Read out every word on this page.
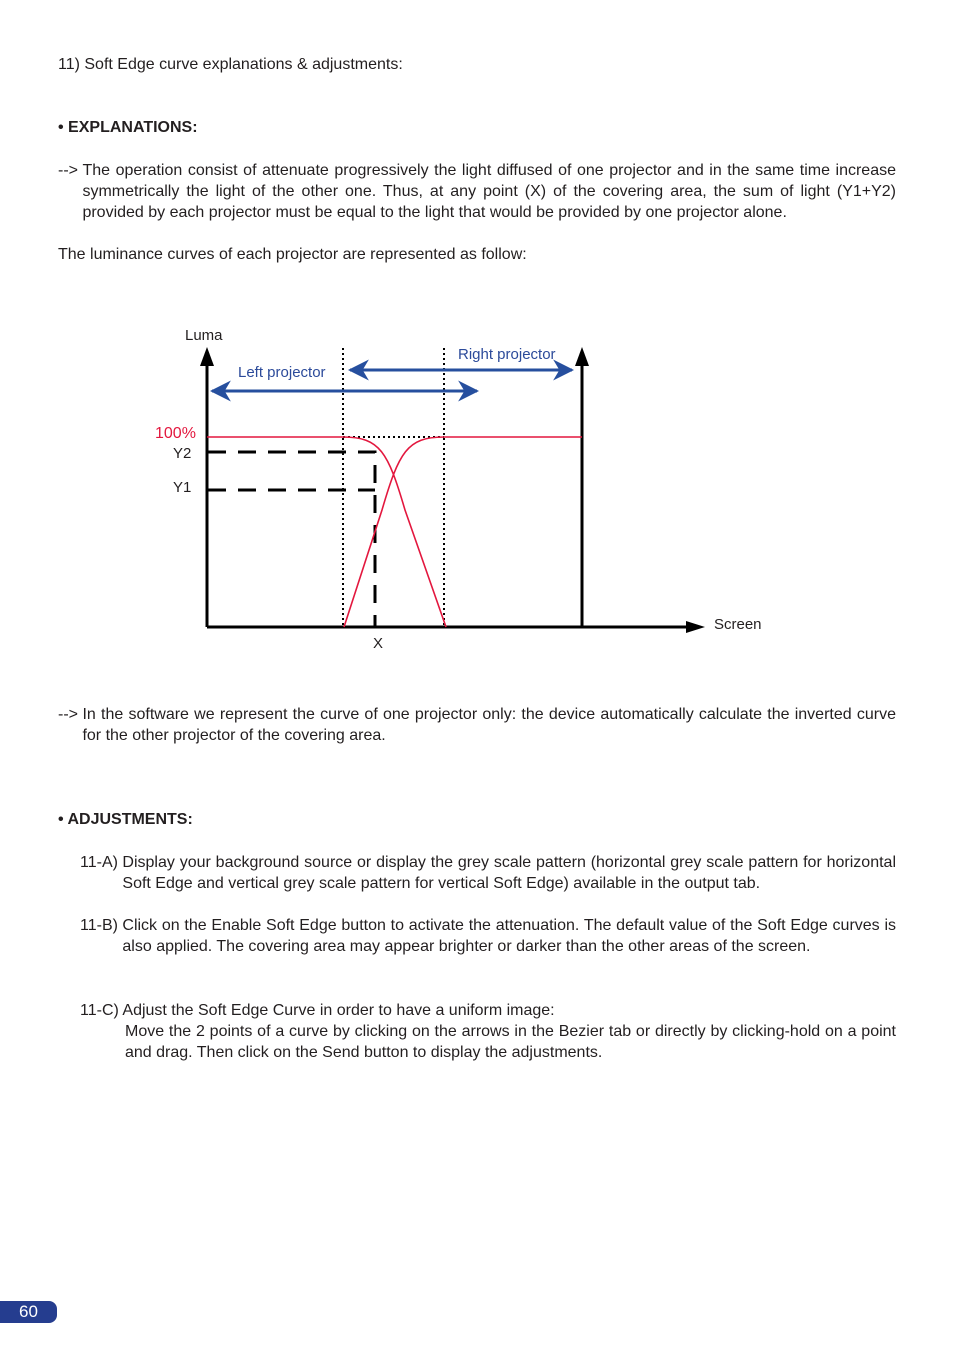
11) Soft Edge curve explanations & adjustments:
• EXPLANATIONS:
--> The operation consist of attenuate progressively the light diffused of one projector and in the same time increase symmetrically the light of the other one. Thus, at any point (X) of the covering area, the sum of light (Y1+Y2) provided by each projector must be equal to the light that would be provided by one projector alone.

The luminance curves of each projector are represented as follow:

Luma
Screen
Left projector
Right projector
100%
Y2
Y1
X
--> In the software we represent the curve of one projector only: the device automatically calculate the inverted curve for the other projector of the covering area.
• ADJUSTMENTS:
11-A) Display your background source or display the grey scale pattern (horizontal grey scale pattern for horizontal Soft Edge and vertical grey scale pattern for vertical Soft Edge) available in the output tab.
11-B) Click on the Enable Soft Edge button to activate the attenuation. The default value of the Soft Edge curves is also applied. The covering area may appear brighter or darker than the other areas of the screen.
11-C) Adjust the Soft Edge Curve in order to have a uniform image:
Move the 2 points of a curve by clicking on the arrows in the Bezier tab or directly by clicking-hold on a point and drag. Then click on the Send button to display the adjustments.
60
